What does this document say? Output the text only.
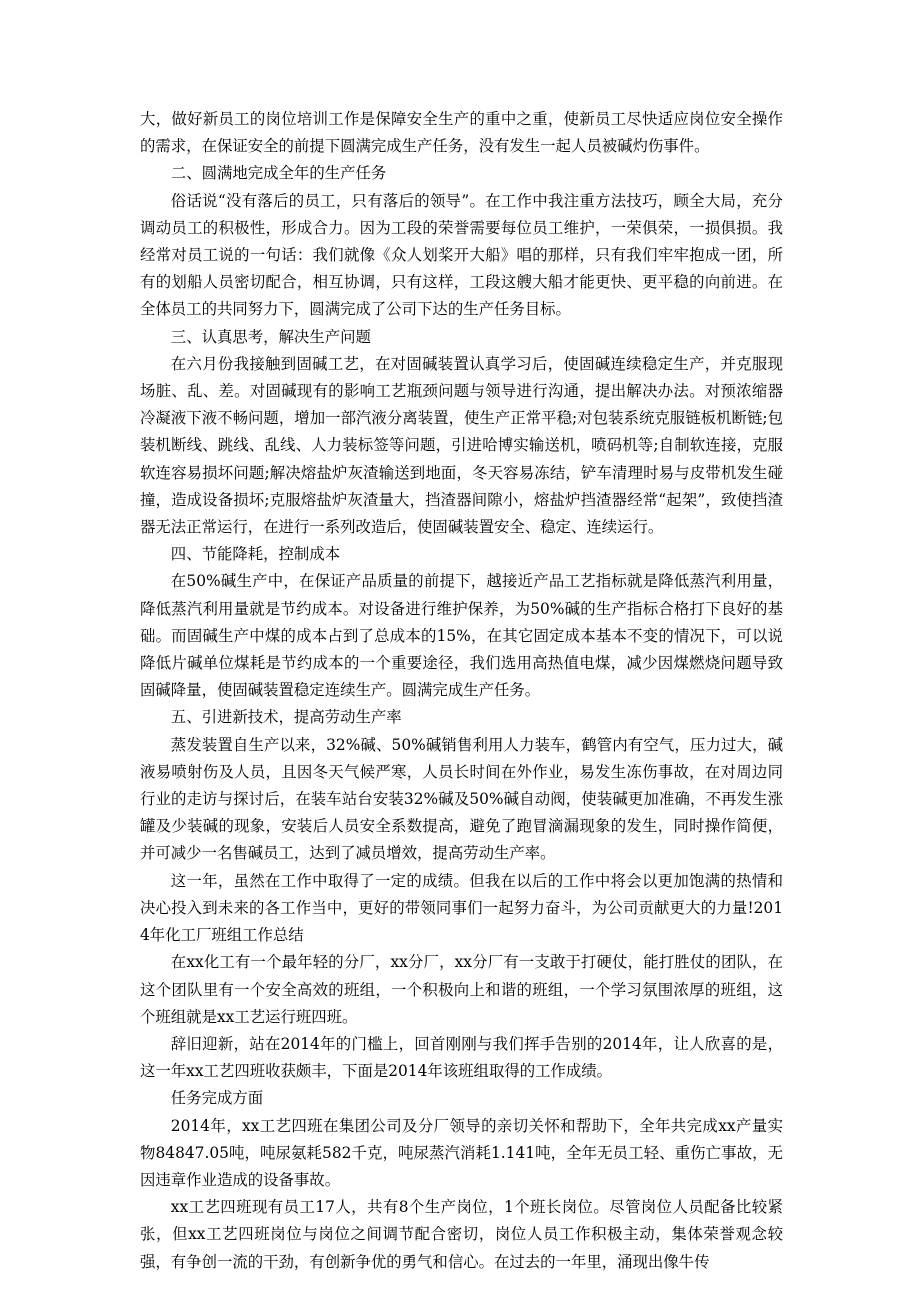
大，做好新员工的岗位培训工作是保障安全生产的重中之重，使新员工尽快适应岗位安全操作的需求，在保证安全的前提下圆满完成生产任务，没有发生一起人员被碱灼伤事件。

二、圆满地完成全年的生产任务

俗话说“没有落后的员工，只有落后的领导”。在工作中我注重方法技巧，顾全大局，充分调动员工的积极性，形成合力。因为工段的荣誉需要每位员工维护，一荣俱荣，一损俱损。我经常对员工说的一句话：我们就像《众人划桨开大船》唱的那样，只有我们牢牢抱成一团，所有的划船人员密切配合，相互协调，只有这样，工段这艘大船才能更快、更平稳的向前进。在全体员工的共同努力下，圆满完成了公司下达的生产任务目标。

三、认真思考，解决生产问题

在六月份我接触到固碱工艺，在对固碱装置认真学习后，使固碱连续稳定生产，并克服现场脏、乱、差。对固碱现有的影响工艺瓶颈问题与领导进行沟通，提出解决办法。对预浓缩器冷凝液下液不畅问题，增加一部汽液分离装置，使生产正常平稳;对包装系统克服链板机断链;包装机断线、跳线、乱线、人力装标签等问题，引进哈博实输送机，喷码机等;自制软连接，克服软连容易损坏问题;解决熔盐炉灰渣输送到地面，冬天容易冻结，铲车清理时易与皮带机发生碰撞，造成设备损坏;克服熔盐炉灰渣量大，挡渣器间隙小，熔盐炉挡渣器经常“起架”，致使挡渣器无法正常运行，在进行一系列改造后，使固碱装置安全、稳定、连续运行。

四、节能降耗，控制成本

在50%碱生产中，在保证产品质量的前提下，越接近产品工艺指标就是降低蒸汽利用量，降低蒸汽利用量就是节约成本。对设备进行维护保养，为50%碱的生产指标合格打下良好的基础。而固碱生产中煤的成本占到了总成本的15%，在其它固定成本基本不变的情况下，可以说降低片碱单位煤耗是节约成本的一个重要途径，我们选用高热值电煤，减少因煤燃烧问题导致固碱降量，使固碱装置稳定连续生产。圆满完成生产任务。

五、引进新技术，提高劳动生产率

蒸发装置自生产以来，32%碱、50%碱销售利用人力装车，鹤管内有空气，压力过大，碱液易喷射伤及人员，且因冬天气候严寒，人员长时间在外作业，易发生冻伤事故，在对周边同行业的走访与探讨后，在装车站台安装32%碱及50%碱自动阀，使装碱更加准确，不再发生涨罐及少装碱的现象，安装后人员安全系数提高，避免了跑冒滴漏现象的发生，同时操作简便，并可减少一名售碱员工，达到了减员增效，提高劳动生产率。

这一年，虽然在工作中取得了一定的成绩。但我在以后的工作中将会以更加饱满的热情和决心投入到未来的各工作当中，更好的带领同事们一起努力奋斗，为公司贡献更大的力量!2014年化工厂班组工作总结

在xx化工有一个最年轻的分厂，xx分厂，xx分厂有一支敢于打硬仗，能打胜仗的团队，在这个团队里有一个安全高效的班组，一个积极向上和谐的班组，一个学习氛围浓厚的班组，这个班组就是xx工艺运行班四班。

辞旧迎新，站在2014年的门槛上，回首刚刚与我们挥手告别的2014年，让人欣喜的是，这一年xx工艺四班收获颇丰，下面是2014年该班组取得的工作成绩。

任务完成方面

2014年，xx工艺四班在集团公司及分厂领导的亲切关怀和帮助下，全年共完成xx产量实物84847.05吨，吨尿氨耗582千克，吨尿蒸汽消耗1.141吨，全年无员工轻、重伤亡事故，无因违章作业造成的设备事故。

xx工艺四班现有员工17人，共有8个生产岗位，1个班长岗位。尽管岗位人员配备比较紧张，但xx工艺四班岗位与岗位之间调节配合密切，岗位人员工作积极主动，集体荣誉观念较强，有争创一流的干劲，有创新争优的勇气和信心。在过去的一年里，涌现出像牛传
